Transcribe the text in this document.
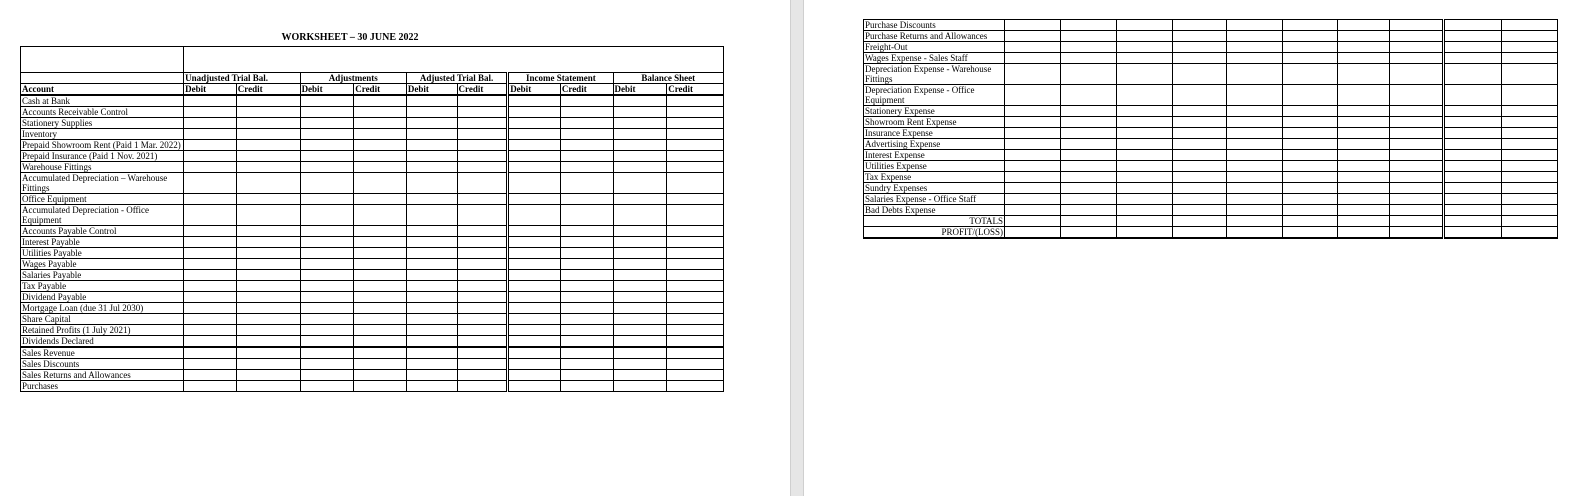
WORKSHEET – 30 JUNE 2022

	Unadjusted Trial Bal.		Adjustments		Adjusted Trial Bal.		Income Statement		Balance Sheet	
Account	Debit	Credit	Debit	Credit	Debit	Credit	Debit	Credit	Debit	Credit

Cash at Bank										
Accounts Receivable Control										
Stationery Supplies										
Inventory										
Prepaid Showroom Rent (Paid 1 Mar. 2022)										
Prepaid Insurance (Paid 1 Nov. 2021)										
Warehouse Fittings										
Accumulated Depreciation – Warehouse Fittings										
Office Equipment										
Accumulated Depreciation - Office Equipment										
Accounts Payable Control										
Interest Payable										
Utilities Payable										
Wages Payable										
Salaries Payable										
Tax Payable										
Dividend Payable										
Mortgage Loan (due 31 Jul 2030)										
Share Capital										
Retained Profits (1 July 2021)										
Dividends Declared										

Sales Revenue										
Sales Discounts										
Sales Returns and Allowances										
Purchases										
Purchase Discounts										
Purchase Returns and Allowances										
Freight-Out										
Wages Expense - Sales Staff										
Depreciation Expense - Warehouse Fittings										
Depreciation Expense - Office Equipment										
Stationery Expense										
Showroom Rent Expense										
Insurance Expense										
Advertising Expense										
Interest Expense										
Utilities Expense										
Tax Expense										
Sundry Expenses										
Salaries Expense - Office Staff										
Bad Debts Expense										
TOTALS										
PROFIT/(LOSS)										
